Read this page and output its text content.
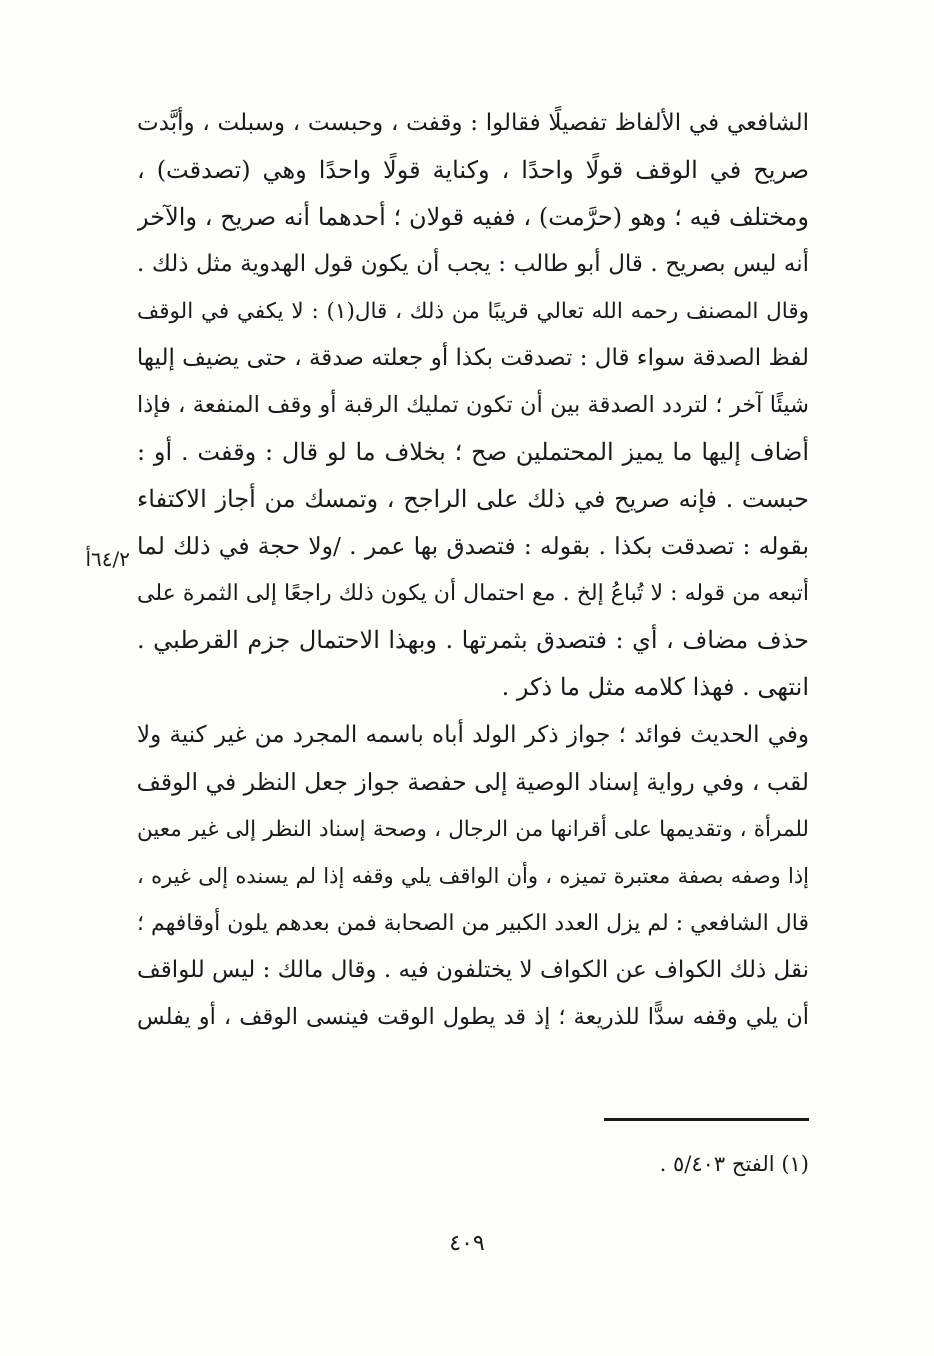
الشافعي في الألفاظ تفصيلًا فقالوا : وقفت ، وحبست ، وسبلت ، وأبَّدت
صريح في الوقف قولًا واحدًا ، وكناية قولًا واحدًا وهي (تصدقت) ،
ومختلف فيه ؛ وهو (حرَّمت) ، ففيه قولان ؛ أحدهما أنه صريح ، والآخر
أنه ليس بصريح . قال أبو طالب : يجب أن يكون قول الهدوية مثل ذلك .
وقال المصنف رحمه الله تعالي قريبًا من ذلك ، قال(١) : لا يكفي في الوقف
لفظ الصدقة سواء قال : تصدقت بكذا أو جعلته صدقة ، حتى يضيف إليها
شيئًا آخر ؛ لتردد الصدقة بين أن تكون تمليك الرقبة أو وقف المنفعة ، فإذا
أضاف إليها ما يميز المحتملين صح ؛ بخلاف ما لو قال : وقفت . أو :
حبست . فإنه صريح في ذلك على الراجح ، وتمسك من أجاز الاكتفاء
بقوله : تصدقت بكذا . بقوله : فتصدق بها عمر . /ولا حجة في ذلك لما
أتبعه من قوله : لا تُباعُ إلخ . مع احتمال أن يكون ذلك راجعًا إلى الثمرة على
حذف مضاف ، أي : فتصدق بثمرتها . وبهذا الاحتمال جزم القرطبي .
انتهى . فهذا كلامه مثل ما ذكر .
٦٤/٢أ
وفي الحديث فوائد ؛ جواز ذكر الولد أباه باسمه المجرد من غير كنية ولا
لقب ، وفي رواية إسناد الوصية إلى حفصة جواز جعل النظر في الوقف
للمرأة ، وتقديمها على أقرانها من الرجال ، وصحة إسناد النظر إلى غير معين
إذا وصفه بصفة معتبرة تميزه ، وأن الواقف يلي وقفه إذا لم يسنده إلى غيره ،
قال الشافعي : لم يزل العدد الكبير من الصحابة فمن بعدهم يلون أوقافهم ؛
نقل ذلك الكواف عن الكواف لا يختلفون فيه . وقال مالك : ليس للواقف
أن يلي وقفه سدًّا للذريعة ؛ إذ قد يطول الوقت فينسى الوقف ، أو يفلس
(١) الفتح ٥/٤٠٣ .
٤٠٩
